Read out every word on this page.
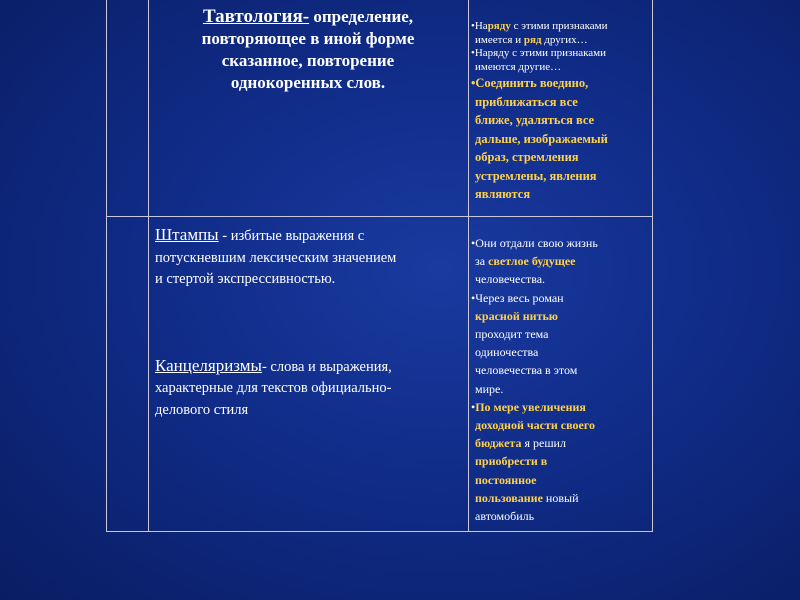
Тавтология- определение,
повторяющее в иной форме
сказанное, повторение
однокоренных слов.
•Наряду с этими признаками
имеется и ряд других…
•Наряду с этими признаками
имеются другие…
•Соединить воедино,
приближаться все
ближе, удаляться все
дальше, изображаемый
образ, стремления
устремлены, явления
являются
Штампы - избитые выражения с
потускневшим лексическим значением
и стертой экспрессивностью.
Канцеляризмы- слова и выражения,
характерные для текстов официально-
делового стиля
•Они отдали свою жизнь
за светлое будущее
человечества.
•Через весь роман
красной нитью
проходит тема
одиночества
человечества в этом
мире.
•По мере увеличения
доходной части своего
бюджета я решил
приобрести в
постоянное
пользование новый
автомобиль
